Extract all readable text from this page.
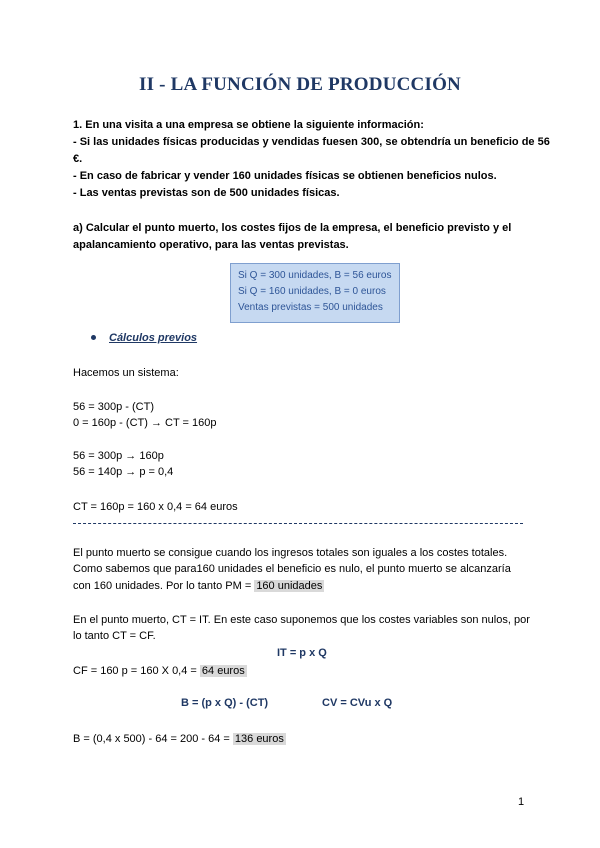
II - LA FUNCIÓN DE PRODUCCIÓN
1. En una visita a una empresa se obtiene la siguiente información:
- Si las unidades físicas producidas y vendidas fuesen 300, se obtendría un beneficio de 56
€.
- En caso de fabricar y vender 160 unidades físicas se obtienen beneficios nulos.
- Las ventas previstas son de 500 unidades físicas.
a) Calcular el punto muerto, los costes fijos de la empresa, el beneficio previsto y el
apalancamiento operativo, para las ventas previstas.
Si Q = 300 unidades, B = 56 euros
Si Q = 160 unidades, B = 0 euros
Ventas previstas = 500 unidades
Cálculos previos
Hacemos un sistema:
56 = 300p - (CT)
0 = 160p - (CT) → CT = 160p
56 = 300p → 160p
56 = 140p → p = 0,4
CT = 160p = 160 x 0,4 = 64 euros
El punto muerto se consigue cuando los ingresos totales son iguales a los costes totales.
Como sabemos que para160 unidades el beneficio es nulo, el punto muerto se alcanzaría
con 160 unidades. Por lo tanto PM = 160 unidades
En el punto muerto, CT = IT. En este caso suponemos que los costes variables son nulos, por
lo tanto CT = CF.
IT = p x Q
CF = 160 p = 160 X 0,4 = 64 euros
B = (p x Q) - (CT)	CV = CVu x Q
B = (0,4 x 500) - 64 = 200 - 64 = 136 euros
1
